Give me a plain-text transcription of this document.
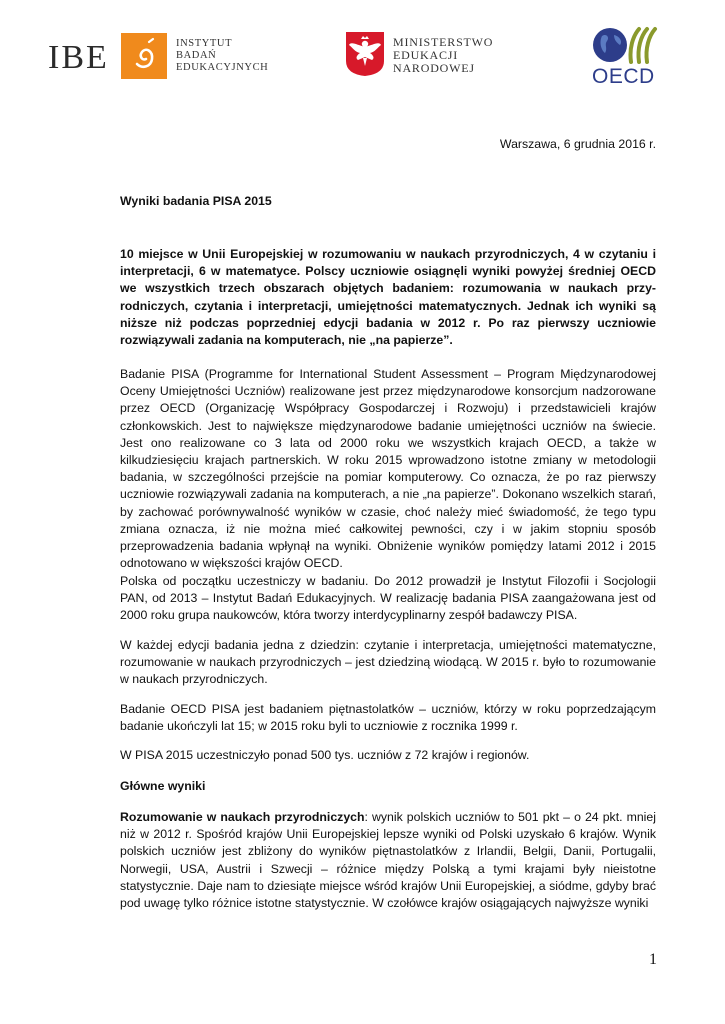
IBE	INSTYTUT
BADAŃ
EDUKACYJNYCH
MINISTERSTWO
EDUKACJI
NARODOWEJ	OECD
Warszawa, 6 grudnia 2016 r.
Wyniki badania PISA 2015

10 miejsce w Unii Europejskiej w rozumowaniu w naukach przyrodniczych, 4 w czytaniu i interpretacji, 6 w matematyce. Polscy uczniowie osiągnęli wyniki powyżej średniej OECD we wszystkich trzech obszarach objętych badaniem: rozumowania w naukach przy-rodniczych, czytania i interpretacji, umiejętności matematycznych. Jednak ich wyniki są niższe niż podczas poprzedniej edycji badania w 2012 r. Po raz pierwszy uczniowie rozwiązywali zadania na komputerach, nie „na papierze”.

Badanie PISA (Programme for International Student Assessment – Program Międzynarodowej Oceny Umiejętności Uczniów) realizowane jest przez międzynarodowe konsorcjum nadzorowane przez OECD (Organizację Współpracy Gospodarczej i Rozwoju) i przedstawicieli krajów członkowskich. Jest to największe międzynarodowe badanie umiejętności uczniów na świecie. Jest ono realizowane co 3 lata od 2000 roku we wszystkich krajach OECD, a także w kilkudziesięciu krajach partnerskich. W roku 2015 wprowadzono istotne zmiany w metodologii badania, w szczególności przejście na pomiar komputerowy. Co oznacza, że po raz pierwszy uczniowie rozwiązywali zadania na komputerach, a nie „na papierze”. Dokonano wszelkich starań, by zachować porównywalność wyników w czasie, choć należy mieć świadomość, że tego typu zmiana oznacza, iż nie można mieć całkowitej pewności, czy i w jakim stopniu sposób przeprowadzenia badania wpłynął na wyniki. Obniżenie wyników pomiędzy latami 2012 i 2015 odnotowano w większości krajów OECD.

Polska od początku uczestniczy w badaniu. Do 2012 prowadził je Instytut Filozofii i Socjologii PAN, od 2013 – Instytut Badań Edukacyjnych. W realizację badania PISA zaangażowana jest od 2000 roku grupa naukowców, która tworzy interdycyplinarny zespół badawczy PISA.

W każdej edycji badania jedna z dziedzin: czytanie i interpretacja, umiejętności matematyczne, rozumowanie w naukach przyrodniczych – jest dziedziną wiodącą. W 2015 r. było to rozumowanie w naukach przyrodniczych.

Badanie OECD PISA jest badaniem piętnastolatków – uczniów, którzy w roku poprzedzającym badanie ukończyli lat 15; w 2015 roku byli to uczniowie z rocznika 1999 r.

W PISA 2015 uczestniczyło ponad 500 tys. uczniów z 72 krajów i regionów.

Główne wyniki

Rozumowanie w naukach przyrodniczych: wynik polskich uczniów to 501 pkt – o 24 pkt. mniej niż w 2012 r. Spośród krajów Unii Europejskiej lepsze wyniki od Polski uzyskało 6 krajów. Wynik polskich uczniów jest zbliżony do wyników piętnastolatków z Irlandii, Belgii, Danii, Portugalii, Norwegii, USA, Austrii i Szwecji – różnice między Polską a tymi krajami były nieistotne statystycznie. Daje nam to dziesiąte miejsce wśród krajów Unii Europejskiej, a siódme, gdyby brać pod uwagę tylko różnice istotne statystycznie. W czołówce krajów osiągających najwyższe wyniki

1
